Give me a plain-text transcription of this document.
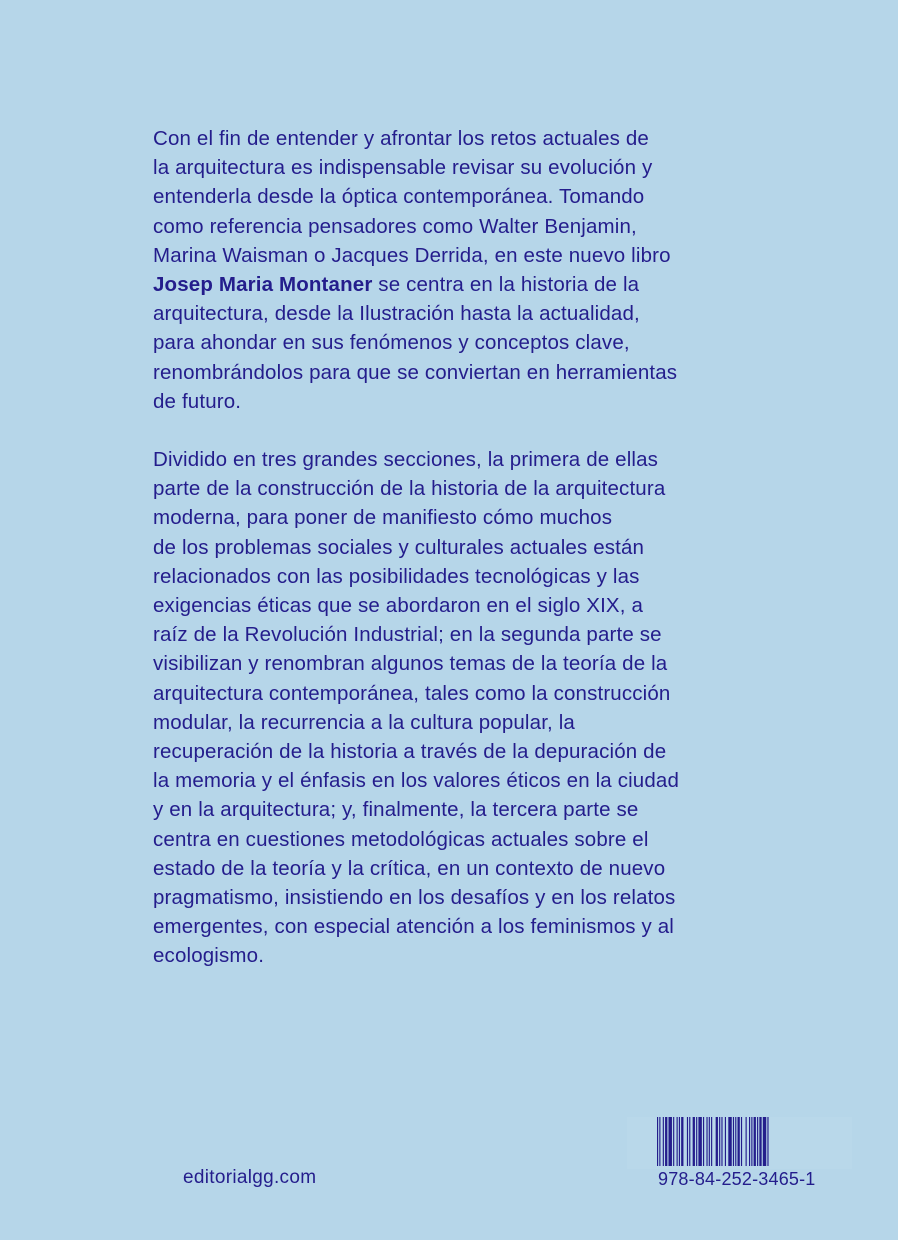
Con el fin de entender y afrontar los retos actuales de
la arquitectura es indispensable revisar su evolución y
entenderla desde la óptica contemporánea. Tomando
como referencia pensadores como Walter Benjamin,
Marina Waisman o Jacques Derrida, en este nuevo libro
Josep Maria Montaner se centra en la historia de la
arquitectura, desde la Ilustración hasta la actualidad,
para ahondar en sus fenómenos y conceptos clave,
renombrándolos para que se conviertan en herramientas
de futuro.

Dividido en tres grandes secciones, la primera de ellas
parte de la construcción de la historia de la arquitectura
moderna, para poner de manifiesto cómo muchos
de los problemas sociales y culturales actuales están
relacionados con las posibilidades tecnológicas y las
exigencias éticas que se abordaron en el siglo XIX, a
raíz de la Revolución Industrial; en la segunda parte se
visibilizan y renombran algunos temas de la teoría de la
arquitectura contemporánea, tales como la construcción
modular, la recurrencia a la cultura popular, la
recuperación de la historia a través de la depuración de
la memoria y el énfasis en los valores éticos en la ciudad
y en la arquitectura; y, finalmente, la tercera parte se
centra en cuestiones metodológicas actuales sobre el
estado de la teoría y la crítica, en un contexto de nuevo
pragmatismo, insistiendo en los desafíos y en los relatos
emergentes, con especial atención a los feminismos y al
ecologismo.

editorialgg.com	978-84-252-3465-1
